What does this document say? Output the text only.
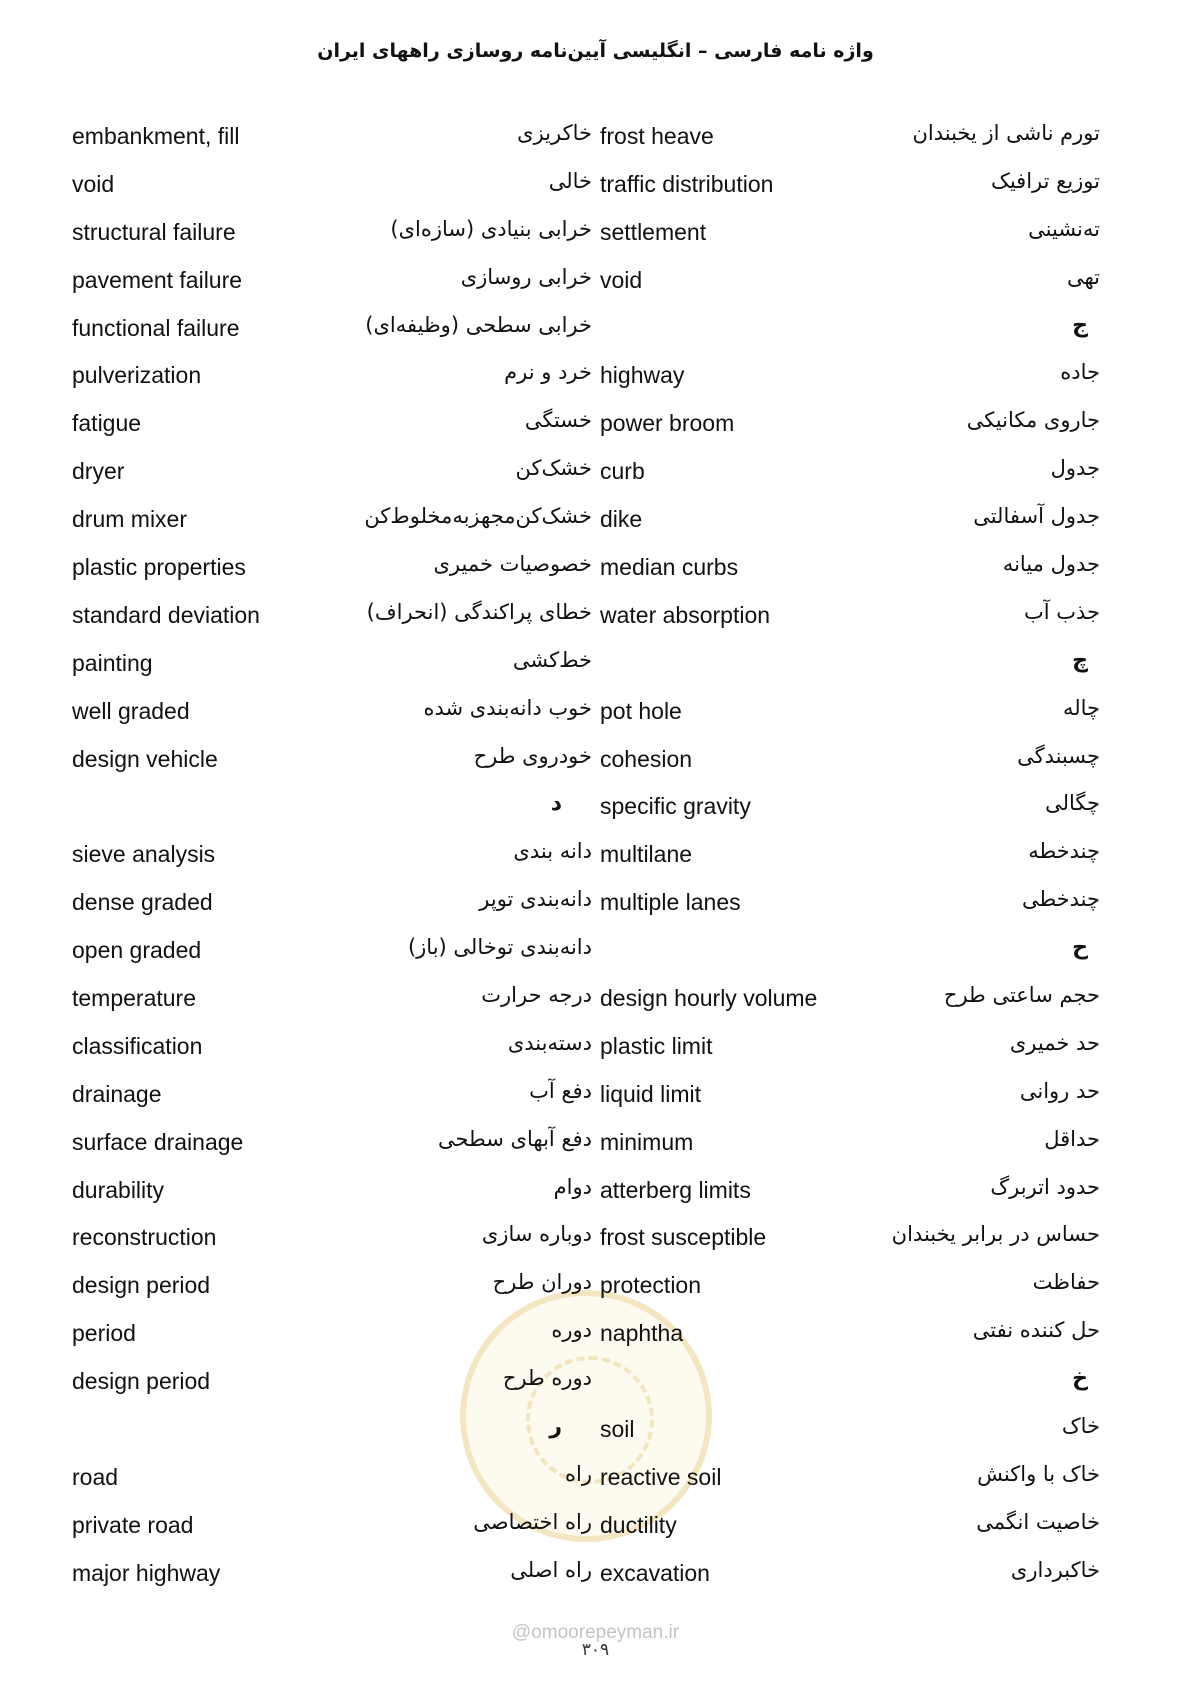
واژه نامه فارسی – انگلیسی آیین‌نامه روسازی راههای ایران
embankment, fill	خاکریزی
void	خالی
structural failure	خرابی بنیادی (سازه‌ای)
pavement failure	خرابی روسازی
functional failure	خرابی سطحی (وظیفه‌ای)
pulverization	خرد و نرم
fatigue	خستگی
dryer	خشک‌کن
drum mixer	خشک‌کن‌مجهزبه‌مخلوط‌کن
plastic properties	خصوصیات خمیری
standard deviation	خطای پراکندگی (انحراف)
painting	خط‌کشی
well graded	خوب دانه‌بندی شده
design vehicle	خودروی طرح
د
sieve analysis	دانه بندی
dense graded	دانه‌بندی توپر
open graded	دانه‌بندی توخالی (باز)
temperature	درجه حرارت
classification	دسته‌بندی
drainage	دفع آب
surface drainage	دفع آبهای سطحی
durability	دوام
reconstruction	دوباره سازی
design period	دوران طرح
period	دوره
design period	دوره طرح
ر
road	راه
private road	راه اختصاصی
major highway	راه اصلی
frost heave	تورم ناشی از یخبندان
traffic distribution	توزیع ترافیک
settlement	ته‌نشینی
void	تهی
ج
highway	جاده
power broom	جاروی مکانیکی
curb	جدول
dike	جدول آسفالتی
median curbs	جدول میانه
water absorption	جذب آب
چ
pot hole	چاله
cohesion	چسبندگی
specific gravity	چگالی
multilane	چندخطه
multiple lanes	چندخطی
ح
design hourly volume	حجم ساعتی طرح
plastic limit	حد خمیری
liquid limit	حد روانی
minimum	حداقل
atterberg limits	حدود اتربرگ
frost susceptible	حساس در برابر یخبندان
protection	حفاظت
naphtha	حل کننده نفتی
خ
soil	خاک
reactive soil	خاک با واکنش
ductility	خاصیت انگمی
excavation	خاکبرداری
@omoorepeyman.ir
۳۰۹
